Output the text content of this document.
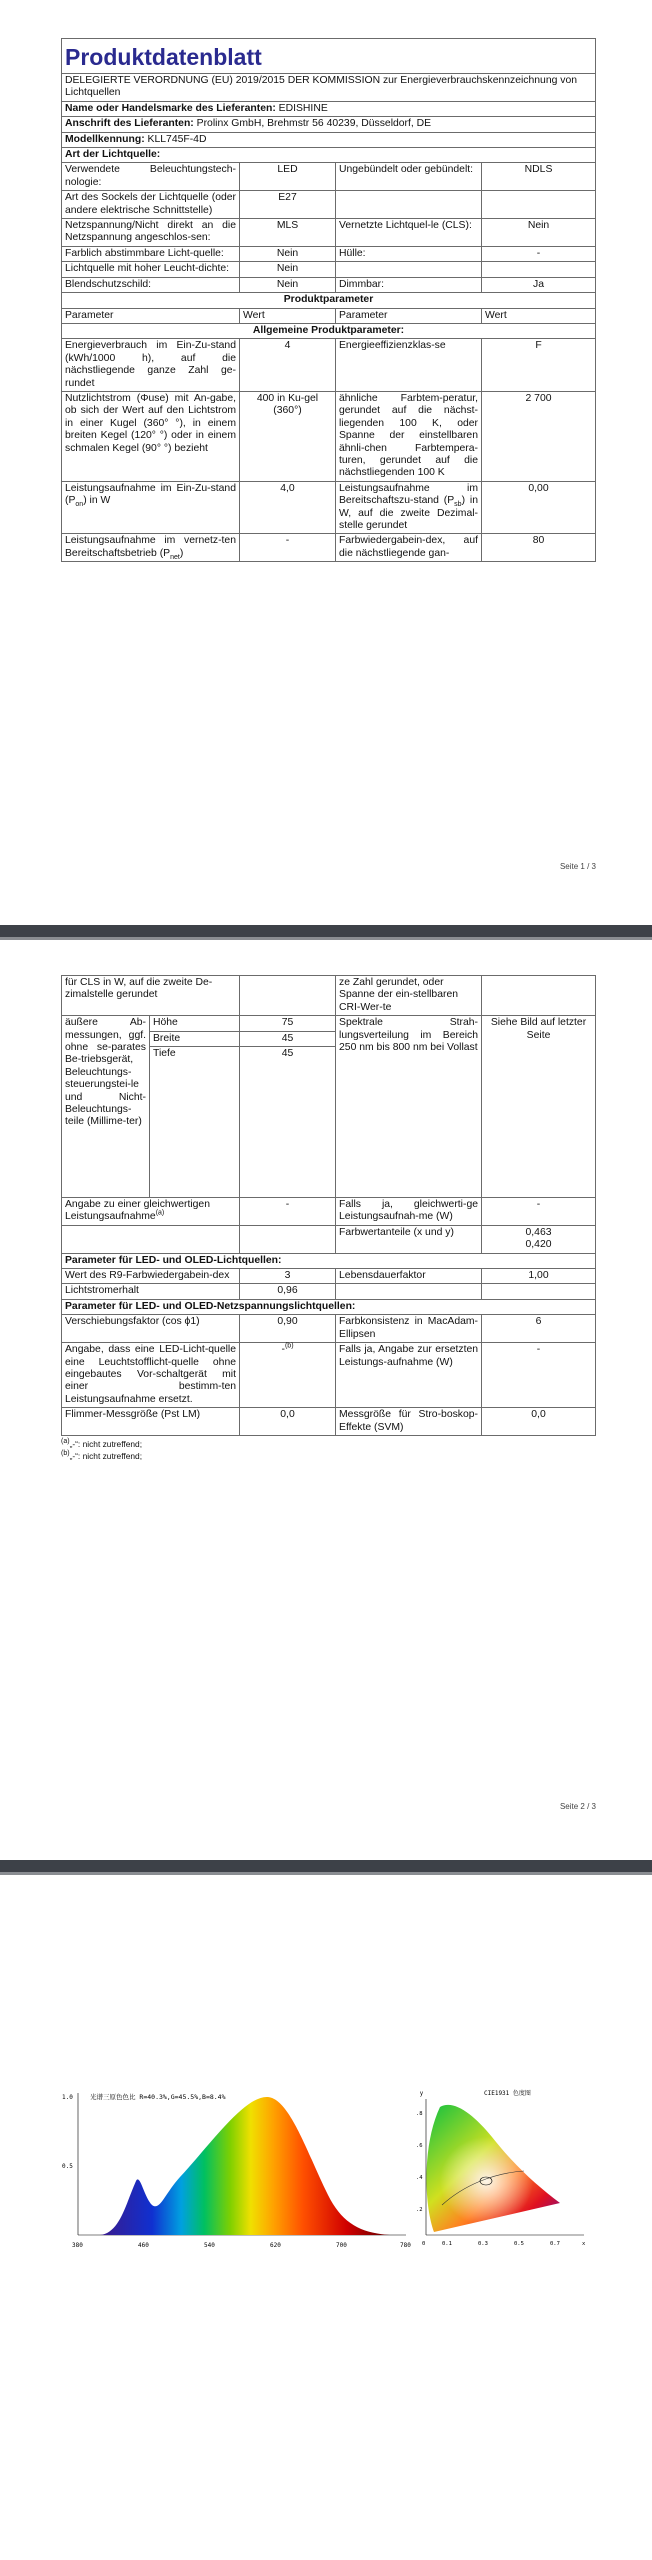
Produktdatenblatt			
DELEGIERTE VERORDNUNG (EU) 2019/2015 DER KOMMISSION zur Energieverbrauchskennzeichnung von Lichtquellen			
Name oder Handelsmarke des Lieferanten: EDISHINE			
Anschrift des Lieferanten: Prolinx GmbH, Brehmstr 56 40239, Düsseldorf, DE			
Modellkennung: KLL745F-4D			
Art der Lichtquelle:			
Verwendete Beleuchtungstech-nologie:	LED	Ungebündelt oder gebündelt:	NDLS
Art des Sockels der Lichtquelle (oder andere elektrische Schnittstelle)	E27		
Netzspannung/Nicht direkt an die Netzspannung angeschlos-sen:	MLS	Vernetzte Lichtquel-le (CLS):	Nein
Farblich abstimmbare Licht-quelle:	Nein	Hülle:	-
Lichtquelle mit hoher Leucht-dichte:	Nein		
Blendschutzschild:	Nein	Dimmbar:	Ja
Produktparameter			
Parameter	Wert	Parameter	Wert
Allgemeine Produktparameter:			
Energieverbrauch im Ein-Zu-stand (kWh/1000 h), auf die nächstliegende ganze Zahl ge-rundet	4	Energieeffizienzklas-se	F
Nutzlichtstrom (Φuse) mit An-gabe, ob sich der Wert auf den Lichtstrom in einer Kugel (360° °), in einem breiten Kegel (120° °) oder in einem schmalen Kegel (90° °) bezieht	400 in Ku-gel (360°)	ähnliche Farbtem-peratur, gerundet auf die nächst-liegenden 100 K, oder Spanne der einstellbaren ähnli-chen Farbtempera-turen, gerundet auf die nächstliegenden 100 K	2 700
Leistungsaufnahme im Ein-Zu-stand $(P_{on})$ in W	4,0	Leistungsaufnahme im Bereitschaftszu-stand $(P_{sb})$ in W, auf die zweite Dezimal-stelle gerundet	0,00
Leistungsaufnahme im vernetz-ten Bereitschaftsbetrieb $(P_{net})$	-	Farbwiedergabein-dex, auf die nächstliegende gan-	80
Seite 1 / 3
für CLS in W, auf die zweite De-zimalstelle gerundet			ze Zahl gerundet, oder Spanne der ein-stellbaren CRI-Wer-te	
äußere Ab-messungen, ggf. ohne se-parates Be-triebsgerät, Beleuchtungs-steuerungstei-le und Nicht-Beleuchtungs-teile (Millime-ter)	Höhe	75	Spektrale Strah-lungsverteilung im Bereich 250 nm bis 800 nm bei Vollast	Siehe Bild auf letzter Seite
	Breite	45		
	Tiefe	45		
Angabe zu einer gleichwertigen Leistungsaufnahme$^{(a)}$		-	Falls ja, gleichwerti-ge Leistungsaufnah-me (W)	-
			Farbwertanteile (x und y)	0,463
0,420

Parameter für LED- und OLED-Lichtquellen:				
Wert des R9-Farbwiedergabein-dex		3	Lebensdauerfaktor	1,00
Lichtstromerhalt		0,96		
Parameter für LED- und OLED-Netzspannungslichtquellen:				
Verschiebungsfaktor (cos ϕ1)		0,90	Farbkonsistenz in MacAdam-Ellipsen	6
Angabe, dass eine LED-Licht-quelle eine Leuchtstofflicht-quelle ohne eingebautes Vor-schaltgerät mit einer bestimm-ten Leistungsaufnahme ersetzt.		-$^{(b)}$	Falls ja, Angabe zur ersetzten Leistungs-aufnahme (W)	-
Flimmer-Messgröße (Pst LM)		0,0	Messgröße für Stro-boskop-Effekte (SVM)	0,0
$^{(a)}$„-“: nicht zutreffend;
$^{(b)}$„-“: nicht zutreffend;
Seite 2 / 3
光谱三原色色比 R=40.3%,G=45.5%,B=8.4%
1.0
0.5
380	460	540	620	700	780
CIE1931 色度图
y
.8
.6
.4
.2
0	0.1	0.3	0.5	0.7	x
